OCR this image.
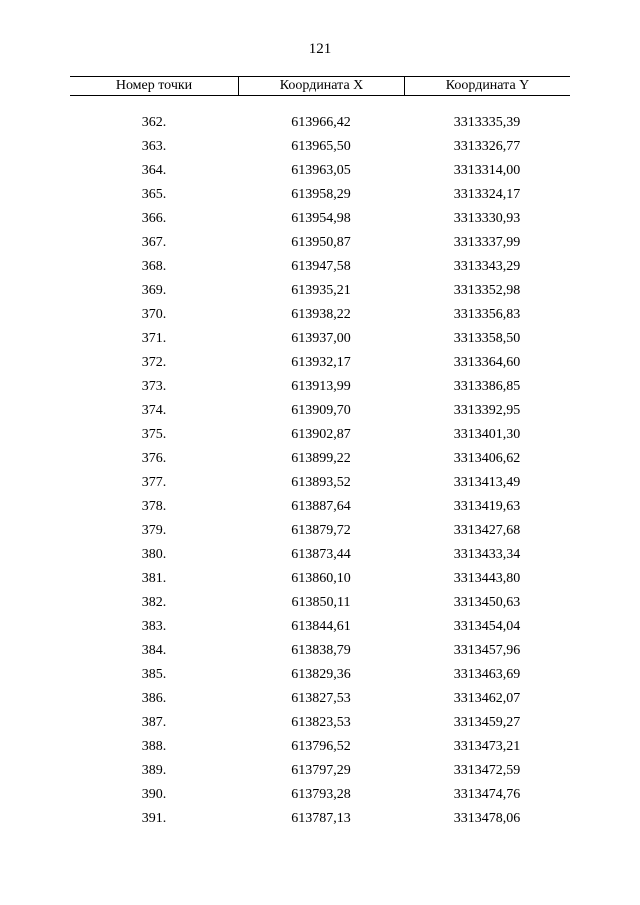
121
Номер точки	Координата X	Координата Y
362.	613966,42	3313335,39
363.	613965,50	3313326,77
364.	613963,05	3313314,00
365.	613958,29	3313324,17
366.	613954,98	3313330,93
367.	613950,87	3313337,99
368.	613947,58	3313343,29
369.	613935,21	3313352,98
370.	613938,22	3313356,83
371.	613937,00	3313358,50
372.	613932,17	3313364,60
373.	613913,99	3313386,85
374.	613909,70	3313392,95
375.	613902,87	3313401,30
376.	613899,22	3313406,62
377.	613893,52	3313413,49
378.	613887,64	3313419,63
379.	613879,72	3313427,68
380.	613873,44	3313433,34
381.	613860,10	3313443,80
382.	613850,11	3313450,63
383.	613844,61	3313454,04
384.	613838,79	3313457,96
385.	613829,36	3313463,69
386.	613827,53	3313462,07
387.	613823,53	3313459,27
388.	613796,52	3313473,21
389.	613797,29	3313472,59
390.	613793,28	3313474,76
391.	613787,13	3313478,06
